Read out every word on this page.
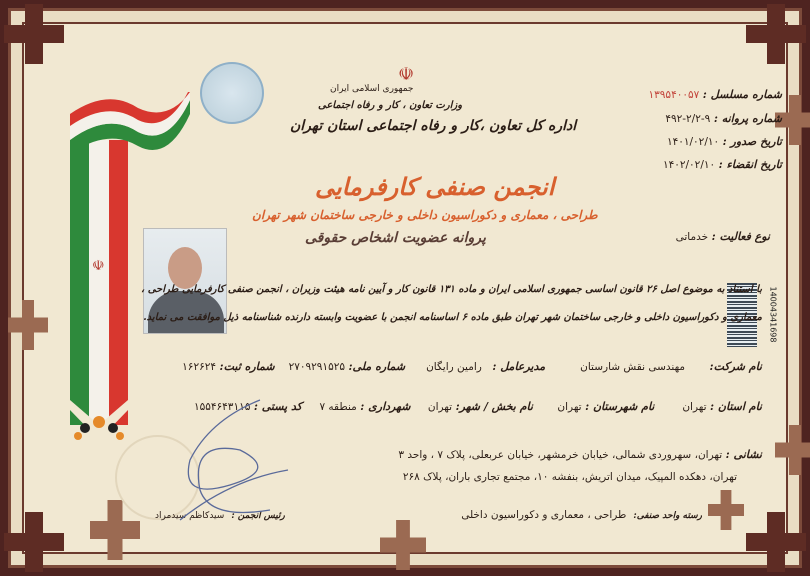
☫
☫
جمهوری اسلامی ایران
وزارت تعاون ، کار و رفاه اجتماعی
اداره کل تعاون ،کار و رفاه اجتماعی استان تهران
انجمن صنفی کارفرمایی
طراحی ، معماری و دکوراسیون داخلی و خارجی ساختمان شهر تهران
پروانه عضویت اشخاص حقوقی
شماره مسلسل : ۱۳۹۵۴۰۰۵۷
شماره پروانه : ۹-۲/۲-۴۹۲
تاریخ صدور : ۱۴۰۱/۰۲/۱۰
تاریخ انقضاء : ۱۴۰۲/۰۲/۱۰
نوع فعالیت : خدماتی
14004341698
با استناد به موضوع اصل ۲۶ قانون اساسی جمهوری اسلامی ایران و ماده ۱۳۱ قانون کار و آیین نامه هیئت وزیران ، انجمن صنفی کارفرمایی طراحی ،
معماری و دکوراسیون داخلی و خارجی ساختمان شهر تهران طبق ماده ۶ اساسنامه انجمن با عضویت وابسته دارنده شناسنامه ذیل موافقت می نماید.
نام شرکت:       مهندسی نقش شارستان          مدیرعامل :   رامین رایگان      شماره ملی: ۲۷۰۹۲۹۱۵۲۵    شماره ثبت: ۱۶۲۶۲۴
نام استان : تهران        نام شهرستان : تهران       نام بخش / شهر: تهران     شهرداری : منطقه ۷     کد پستی : ۱۵۵۴۶۴۳۱۱۵
نشانی : تهران، سهروردی شمالی، خیابان خرمشهر، خیابان عربعلی، پلاک ۷ ، واحد ۳
تهران، دهکده المپیک، میدان اتریش، بنفشه ۱۰، مجتمع تجاری باران، پلاک ۲۶۸
رسته واحد صنفی:  طراحی ، معماری و دکوراسیون داخلی
رئیس انجمن :  سیدکاظم سیدمراد
